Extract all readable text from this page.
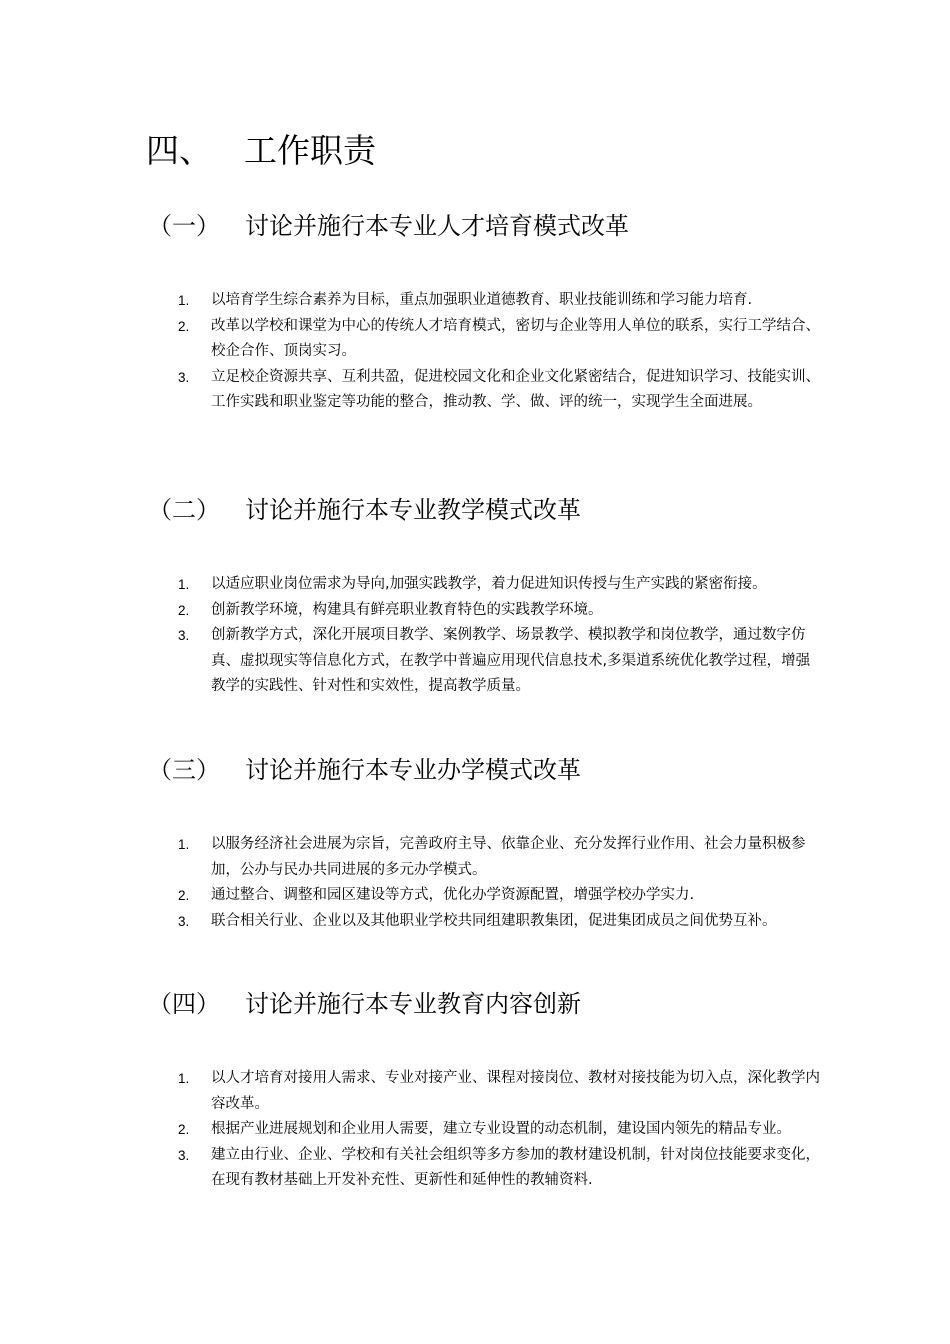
四、 工作职责
（一） 讨论并施行本专业人才培育模式改革
1. 以培育学生综合素养为目标，重点加强职业道德教育、职业技能训练和学习能力培育.
2. 改革以学校和课堂为中心的传统人才培育模式，密切与企业等用人单位的联系，实行工学结合、校企合作、顶岗实习。
3. 立足校企资源共享、互利共盈，促进校园文化和企业文化紧密结合，促进知识学习、技能实训、工作实践和职业鉴定等功能的整合，推动教、学、做、评的统一，实现学生全面进展。
（二） 讨论并施行本专业教学模式改革
1. 以适应职业岗位需求为导向,加强实践教学，着力促进知识传授与生产实践的紧密衔接。
2. 创新教学环境，构建具有鲜亮职业教育特色的实践教学环境。
3. 创新教学方式，深化开展项目教学、案例教学、场景教学、模拟教学和岗位教学，通过数字仿真、虚拟现实等信息化方式，在教学中普遍应用现代信息技术,多渠道系统优化教学过程，增强教学的实践性、针对性和实效性，提高教学质量。
（三） 讨论并施行本专业办学模式改革
1. 以服务经济社会进展为宗旨，完善政府主导、依靠企业、充分发挥行业作用、社会力量积极参加，公办与民办共同进展的多元办学模式。
2. 通过整合、调整和园区建设等方式，优化办学资源配置，增强学校办学实力.
3. 联合相关行业、企业以及其他职业学校共同组建职教集团，促进集团成员之间优势互补。
（四） 讨论并施行本专业教育内容创新
1. 以人才培育对接用人需求、专业对接产业、课程对接岗位、教材对接技能为切入点，深化教学内容改革。
2. 根据产业进展规划和企业用人需要，建立专业设置的动态机制，建设国内领先的精品专业。
3. 建立由行业、企业、学校和有关社会组织等多方参加的教材建设机制，针对岗位技能要求变化，在现有教材基础上开发补充性、更新性和延伸性的教辅资料.
